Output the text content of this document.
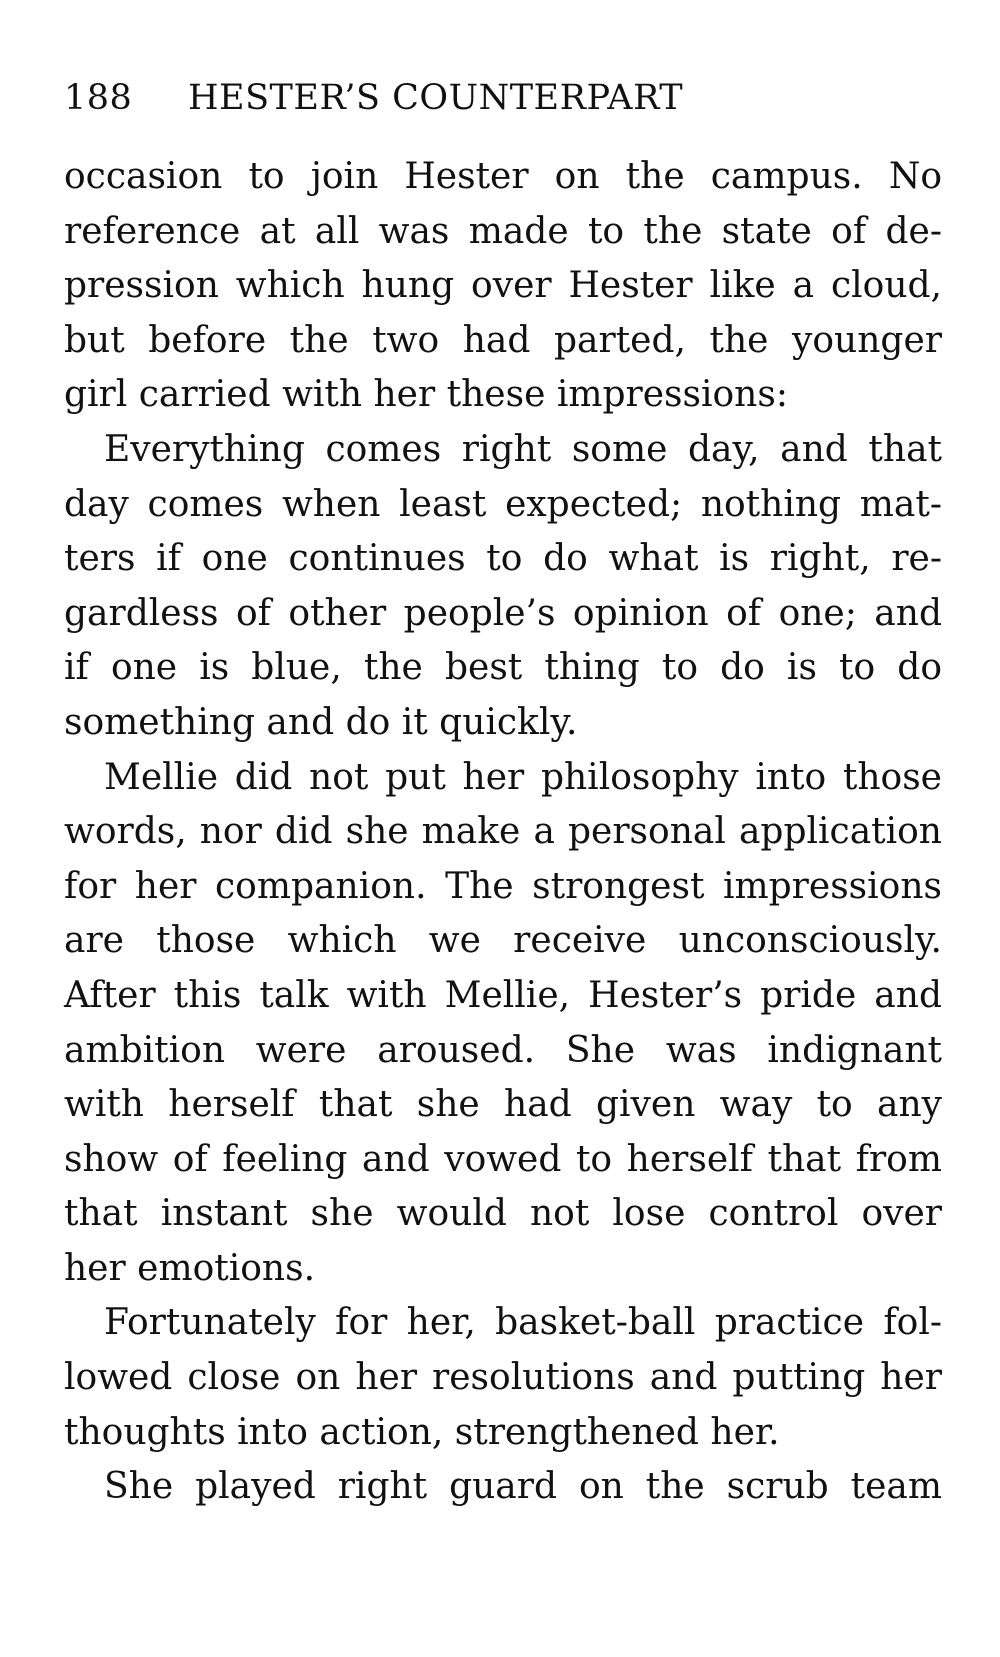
188 HESTER’S COUNTERPART
occasion to join Hester on the campus. No
reference at all was made to the state of de-
pression which hung over Hester like a cloud,
but before the two had parted, the younger
girl carried with her these impressions:
Everything comes right some day, and that
day comes when least expected; nothing mat-
ters if one continues to do what is right, re-
gardless of other people’s opinion of one; and
if one is blue, the best thing to do is to do
something and do it quickly.
Mellie did not put her philosophy into those
words, nor did she make a personal application
for her companion. The strongest impressions
are those which we receive unconsciously.
After this talk with Mellie, Hester’s pride and
ambition were aroused. She was indignant
with herself that she had given way to any
show of feeling and vowed to herself that from
that instant she would not lose control over
her emotions.
Fortunately for her, basket-ball practice fol-
lowed close on her resolutions and putting her
thoughts into action, strengthened her.
She played right guard on the scrub team
